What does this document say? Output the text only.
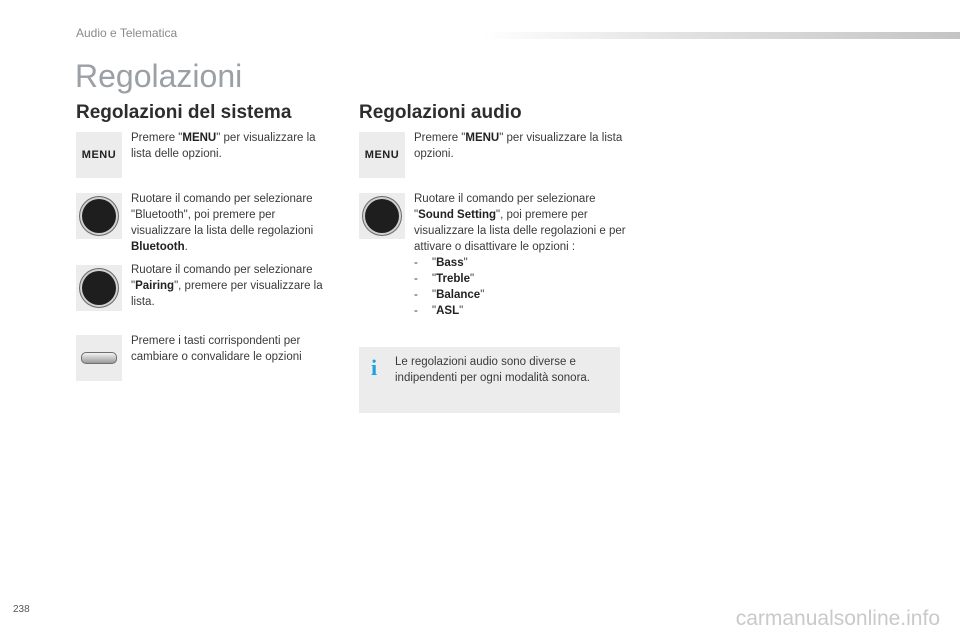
Audio e Telematica
Regolazioni
Regolazioni del sistema
MENU
Premere "MENU" per visualizzare la lista delle opzioni.
Ruotare il comando per selezionare "Bluetooth", poi premere per visualizzare la lista delle regolazioni Bluetooth.
Ruotare il comando per selezionare "Pairing", premere per visualizzare la lista.
Premere i tasti corrispondenti per cambiare o convalidare le opzioni
Regolazioni audio
MENU
Premere "MENU" per visualizzare la lista opzioni.
Ruotare il comando per selezionare "Sound Setting", poi premere per visualizzare la lista delle regolazioni e per attivare o disattivare le opzioni :
-	" Bass "
-	" Treble "
-	" Balance "
-	" ASL "
i Le regolazioni audio sono diverse e indipendenti per ogni modalità sonora.
238	carmanualsonline.info
